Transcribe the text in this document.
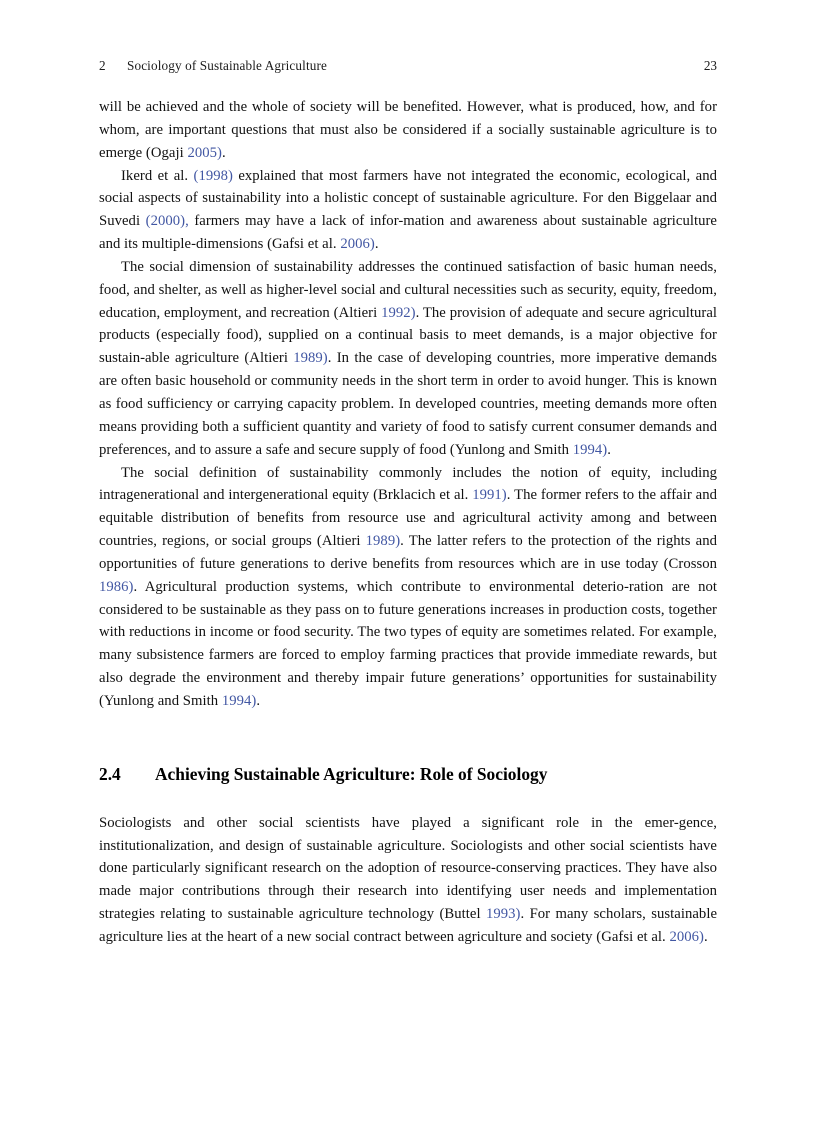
2	Sociology of Sustainable Agriculture	23

will be achieved and the whole of society will be benefited. However, what is produced, how, and for whom, are important questions that must also be considered if a socially sustainable agriculture is to emerge (Ogaji 2005).

Ikerd et al. (1998) explained that most farmers have not integrated the economic, ecological, and social aspects of sustainability into a holistic concept of sustainable agriculture. For den Biggelaar and Suvedi (2000), farmers may have a lack of infor-mation and awareness about sustainable agriculture and its multiple-dimensions (Gafsi et al. 2006).

The social dimension of sustainability addresses the continued satisfaction of basic human needs, food, and shelter, as well as higher-level social and cultural necessities such as security, equity, freedom, education, employment, and recreation (Altieri 1992). The provision of adequate and secure agricultural products (especially food), supplied on a continual basis to meet demands, is a major objective for sustain-able agriculture (Altieri 1989). In the case of developing countries, more imperative demands are often basic household or community needs in the short term in order to avoid hunger. This is known as food sufficiency or carrying capacity problem. In developed countries, meeting demands more often means providing both a sufficient quantity and variety of food to satisfy current consumer demands and preferences, and to assure a safe and secure supply of food (Yunlong and Smith 1994).

The social definition of sustainability commonly includes the notion of equity, including intragenerational and intergenerational equity (Brklacich et al. 1991). The former refers to the affair and equitable distribution of benefits from resource use and agricultural activity among and between countries, regions, or social groups (Altieri 1989). The latter refers to the protection of the rights and opportunities of future generations to derive benefits from resources which are in use today (Crosson 1986). Agricultural production systems, which contribute to environmental deterio-ration are not considered to be sustainable as they pass on to future generations increases in production costs, together with reductions in income or food security. The two types of equity are sometimes related. For example, many subsistence farmers are forced to employ farming practices that provide immediate rewards, but also degrade the environment and thereby impair future generations’ opportunities for sustainability (Yunlong and Smith 1994).

2.4	Achieving Sustainable Agriculture: Role of Sociology

Sociologists and other social scientists have played a significant role in the emer-gence, institutionalization, and design of sustainable agriculture. Sociologists and other social scientists have done particularly significant research on the adoption of resource-conserving practices. They have also made major contributions through their research into identifying user needs and implementation strategies relating to sustainable agriculture technology (Buttel 1993). For many scholars, sustainable agriculture lies at the heart of a new social contract between agriculture and society (Gafsi et al. 2006).
